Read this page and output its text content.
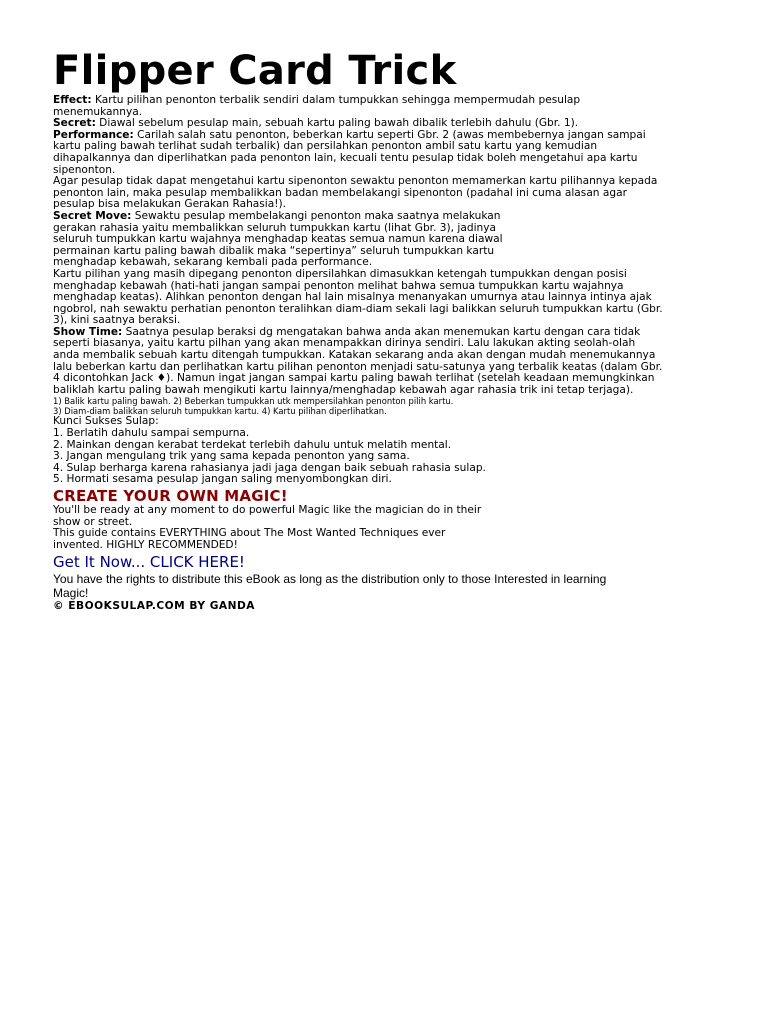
Flipper Card Trick

Effect: Kartu pilihan penonton terbalik sendiri dalam tumpukkan sehingga mempermudah pesulap menemukannya.

Secret: Diawal sebelum pesulap main, sebuah kartu paling bawah dibalik terlebih dahulu (Gbr. 1).

Performance: Carilah salah satu penonton, beberkan kartu seperti Gbr. 2 (awas membebernya jangan sampai kartu paling bawah terlihat sudah terbalik) dan persilahkan penonton ambil satu kartu yang kemudian dihapalkannya dan diperlihatkan pada penonton lain, kecuali tentu pesulap tidak boleh mengetahui apa kartu sipenonton.

Agar pesulap tidak dapat mengetahui kartu sipenonton sewaktu penonton memamerkan kartu pilihannya kepada penonton lain, maka pesulap membalikkan badan membelakangi sipenonton (padahal ini cuma alasan agar pesulap bisa melakukan Gerakan Rahasia!).

Secret Move: Sewaktu pesulap membelakangi penonton maka saatnya melakukan
gerakan rahasia yaitu membalikkan seluruh tumpukkan kartu (lihat Gbr. 3), jadinya
seluruh tumpukkan kartu wajahnya menghadap keatas semua namun karena diawal
permainan kartu paling bawah dibalik maka “sepertinya” seluruh tumpukkan kartu
menghadap kebawah, sekarang kembali pada performance.

Kartu pilihan yang masih dipegang penonton dipersilahkan dimasukkan ketengah tumpukkan dengan posisi menghadap kebawah (hati-hati jangan sampai penonton melihat bahwa semua tumpukkan kartu wajahnya menghadap keatas). Alihkan penonton dengan hal lain misalnya menanyakan umurnya atau lainnya intinya ajak ngobrol, nah sewaktu perhatian penonton teralihkan diam-diam sekali lagi balikkan seluruh tumpukkan kartu (Gbr. 3), kini saatnya beraksi.

Show Time: Saatnya pesulap beraksi dg mengatakan bahwa anda akan menemukan kartu dengan cara tidak seperti biasanya, yaitu kartu pilhan yang akan menampakkan dirinya sendiri. Lalu lakukan akting seolah-olah anda membalik sebuah kartu ditengah tumpukkan. Katakan sekarang anda akan dengan mudah menemukannya lalu beberkan kartu dan perlihatkan kartu pilihan penonton menjadi satu-satunya yang terbalik keatas (dalam Gbr. 4 dicontohkan Jack ♦). Namun ingat jangan sampai kartu paling bawah terlihat (setelah keadaan memungkinkan baliklah kartu paling bawah mengikuti kartu lainnya/menghadap kebawah agar rahasia trik ini tetap terjaga).

1) Balik kartu paling bawah. 2) Beberkan tumpukkan utk mempersilahkan penonton pilih kartu.

3) Diam-diam balikkan seluruh tumpukkan kartu. 4) Kartu pilihan diperlihatkan.

Kunci Sukses Sulap:

1. Berlatih dahulu sampai sempurna.
2. Mainkan dengan kerabat terdekat terlebih dahulu untuk melatih mental.
3. Jangan mengulang trik yang sama kepada penonton yang sama.
4. Sulap berharga karena rahasianya jadi jaga dengan baik sebuah rahasia sulap.
5. Hormati sesama pesulap jangan saling menyombongkan diri.
CREATE YOUR OWN MAGIC!

You'll be ready at any moment to do powerful Magic like the magician do in their show or street.

This guide contains EVERYTHING about The Most Wanted Techniques ever invented. HIGHLY RECOMMENDED!

Get It Now... CLICK HERE!

You have the rights to distribute this eBook as long as the distribution only to those Interested in learning Magic!

© EBOOKSULAP.COM BY GANDA
